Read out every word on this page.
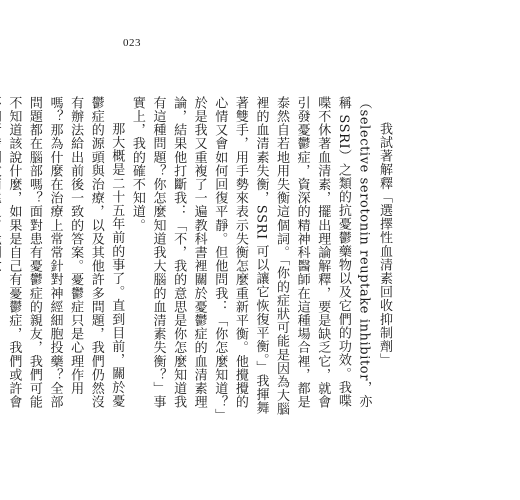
023

我試著解釋「選擇性血清素回收抑制劑」（selective serotonin reuptake inhibitor，亦稱 SSRI）之類的抗憂鬱藥物以及它們的功效。我喋喋不休著血清素，擺出理論解釋，要是缺乏它，就會引發憂鬱症，資深的精神科醫師在這種場合裡，都是泰然自若地用失衡這個詞。「你的症狀可能是因為大腦裡的血清素失衡，SSRI 可以讓它恢復平衡。」我揮舞著雙手，用手勢來表示失衡怎麼重新平衡。他攪攪的心情又會如何回復平靜。但他問我：「你怎麼知道？」於是我又重複了一遍教科書裡關於憂鬱症的血清素理論，結果他打斷我：「不，我的意思是你怎麼知道我有這種問題？你怎麼知道我大腦的血清素失衡？」事實上，我的確不知道。

那大概是二十五年前的事了。直到目前，關於憂鬱症的源頭與治療，以及其他許多問題，我們仍然沒有辦法給出前後一致的答案。憂鬱症只是心理作用嗎？那為什麼在治療上常常針對神經細胞投藥？全部問題都在腦部嗎？面對患有憂鬱症的親友，我們可能不知道該說什麼，如果是自己有憂鬱症，我們或許會
